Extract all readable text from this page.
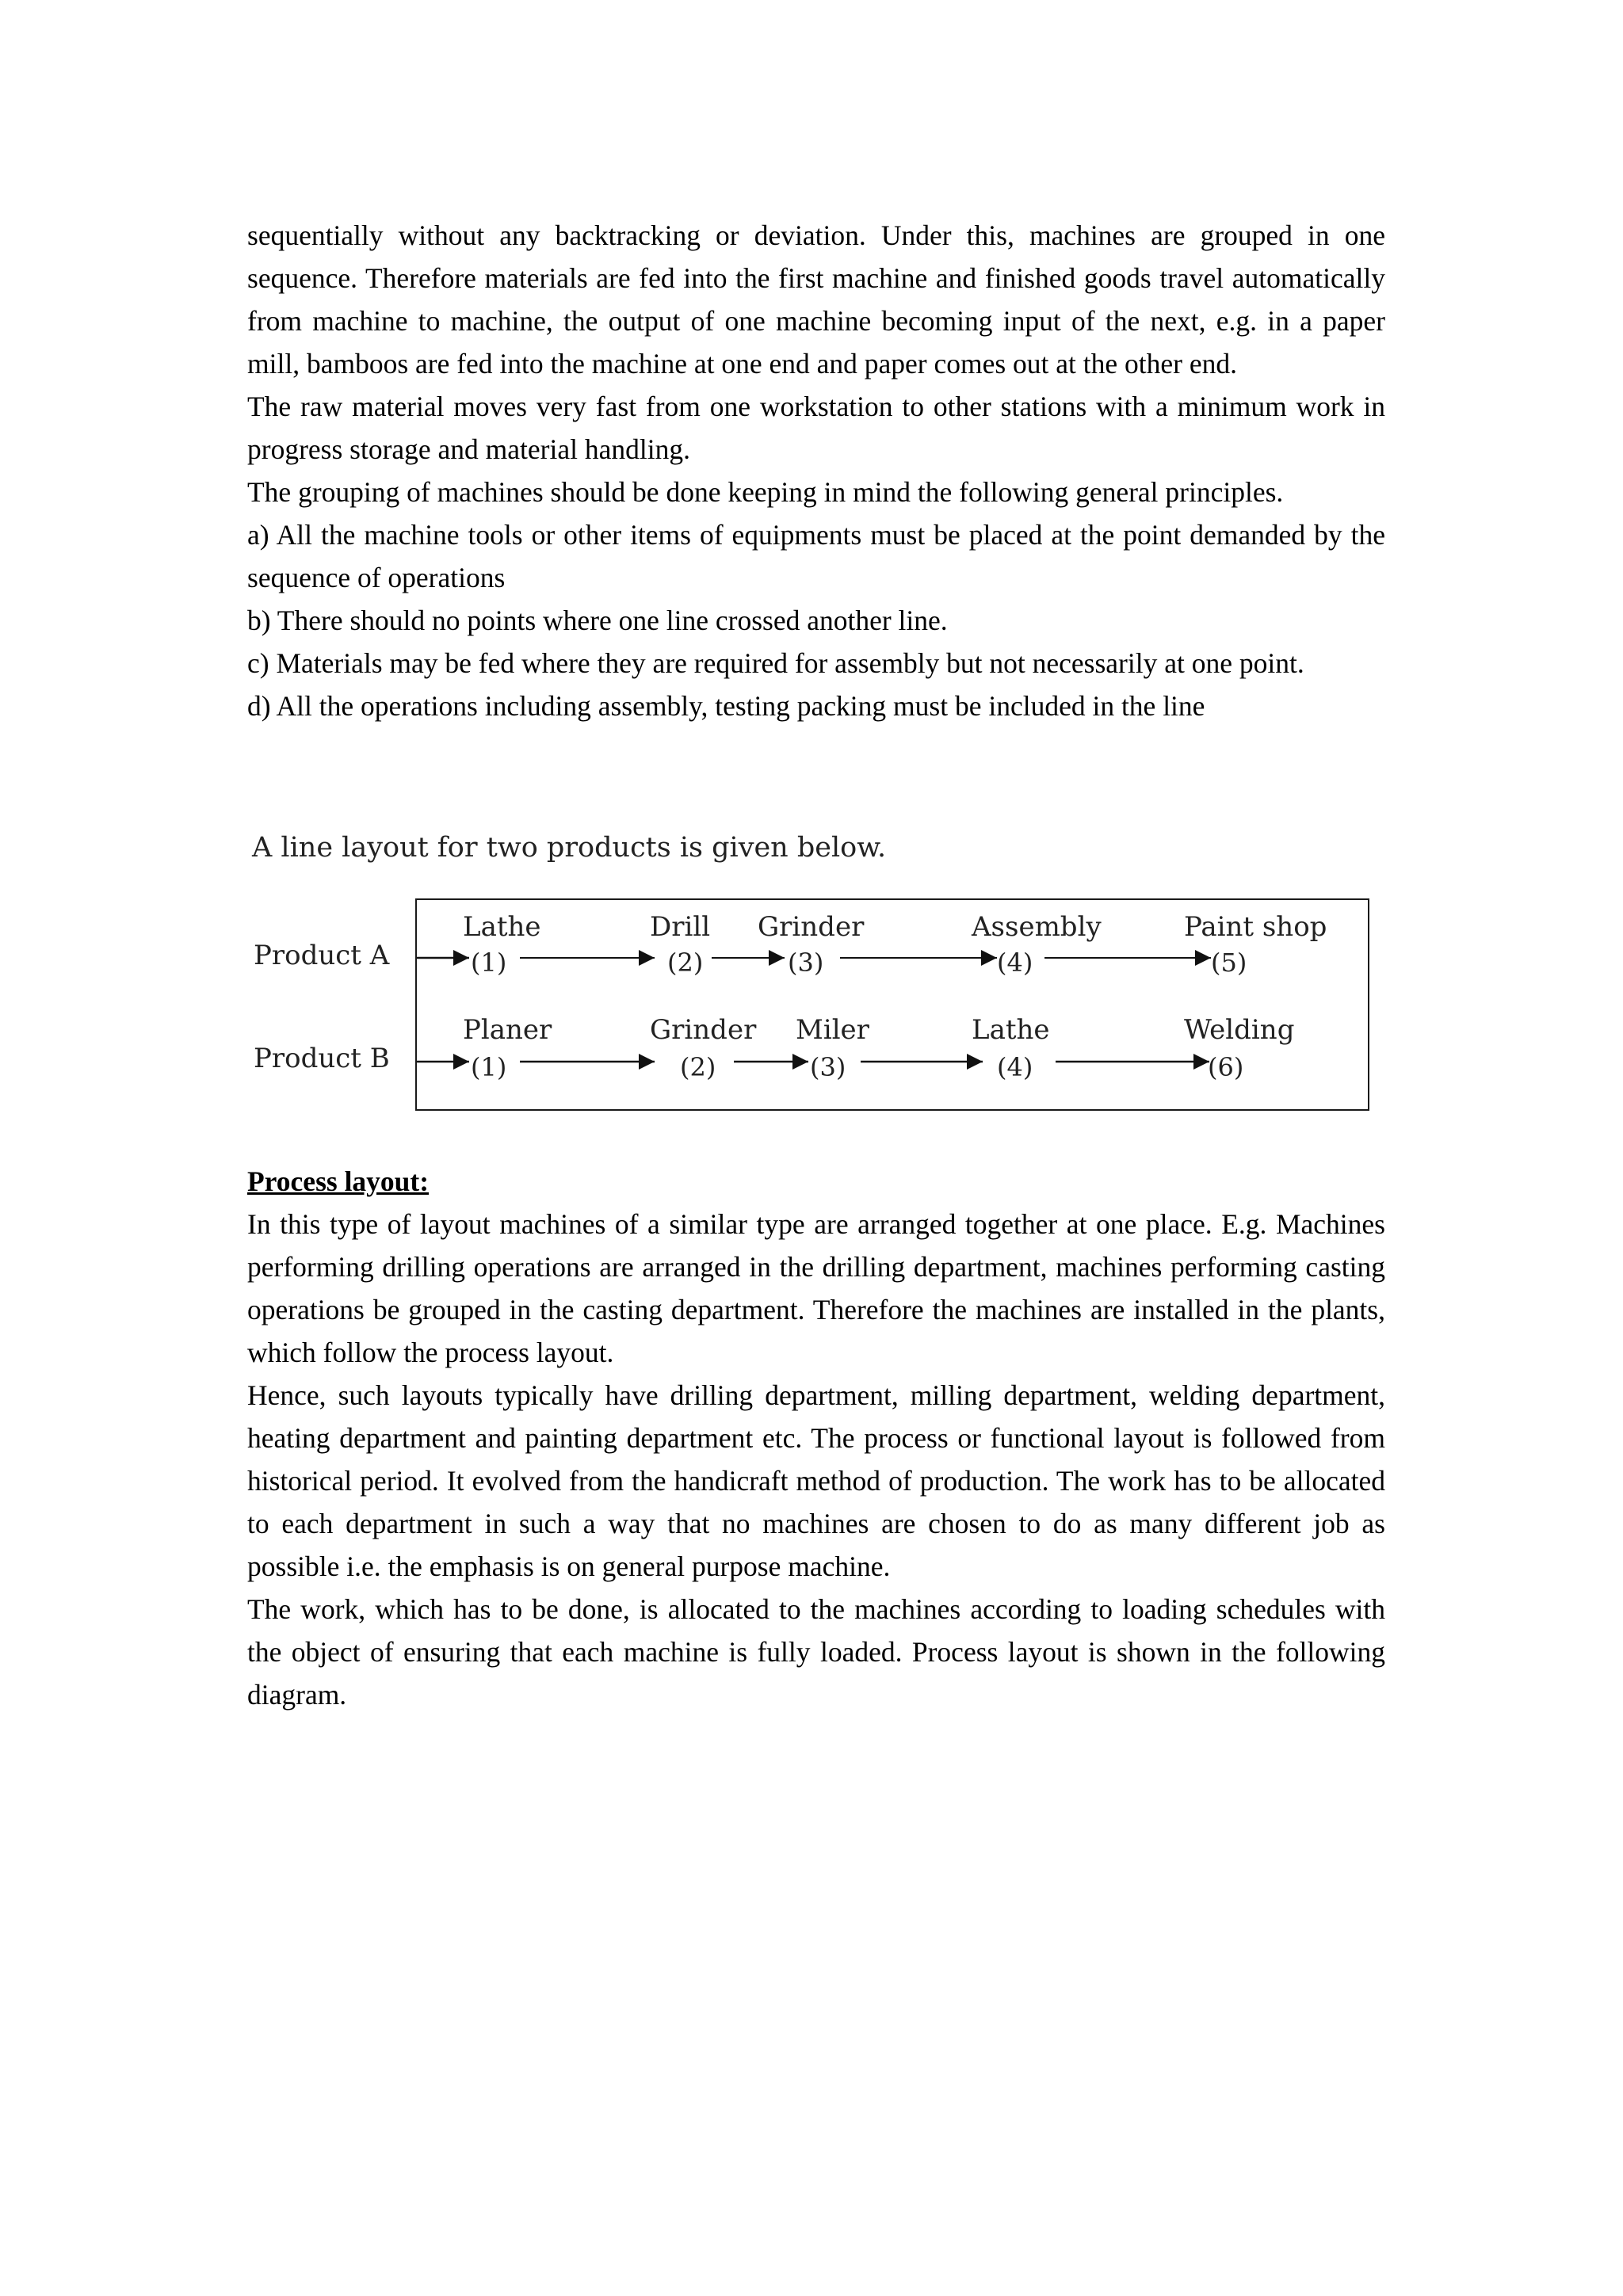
sequentially without any backtracking or deviation. Under this, machines are grouped in one sequence. Therefore materials are fed into the first machine and finished goods travel automatically from machine to machine, the output of one machine becoming input of the next, e.g. in a paper mill, bamboos are fed into the machine at one end and paper comes out at the other end.

The raw material moves very fast from one workstation to other stations with a minimum work in progress storage and material handling.

The grouping of machines should be done keeping in mind the following general principles.

a) All the machine tools or other items of equipments must be placed at the point demanded by the sequence of operations

b) There should no points where one line crossed another line.

c) Materials may be fed where they are required for assembly but not necessarily at one point.

d) All the operations including assembly, testing packing must be included in the line

A line layout for two products is given below.
Product A
Lathe
(1)
Drill
(2)
Grinder
(3)
Assembly
(4)
Paint shop
(5)
Product B
Planer
(1)
Grinder
(2)
Miler
(3)
Lathe
(4)
Welding
(6)

Process layout:

In this type of layout machines of a similar type are arranged together at one place. E.g. Machines performing drilling operations are arranged in the drilling department, machines performing casting operations be grouped in the casting department. Therefore the machines are installed in the plants, which follow the process layout.

Hence, such layouts typically have drilling department, milling department, welding department, heating department and painting department etc. The process or functional layout is followed from historical period. It evolved from the handicraft method of production. The work has to be allocated to each department in such a way that no machines are chosen to do as many different job as possible i.e. the emphasis is on general purpose machine.

The work, which has to be done, is allocated to the machines according to loading schedules with the object of ensuring that each machine is fully loaded. Process layout is shown in the following diagram.
